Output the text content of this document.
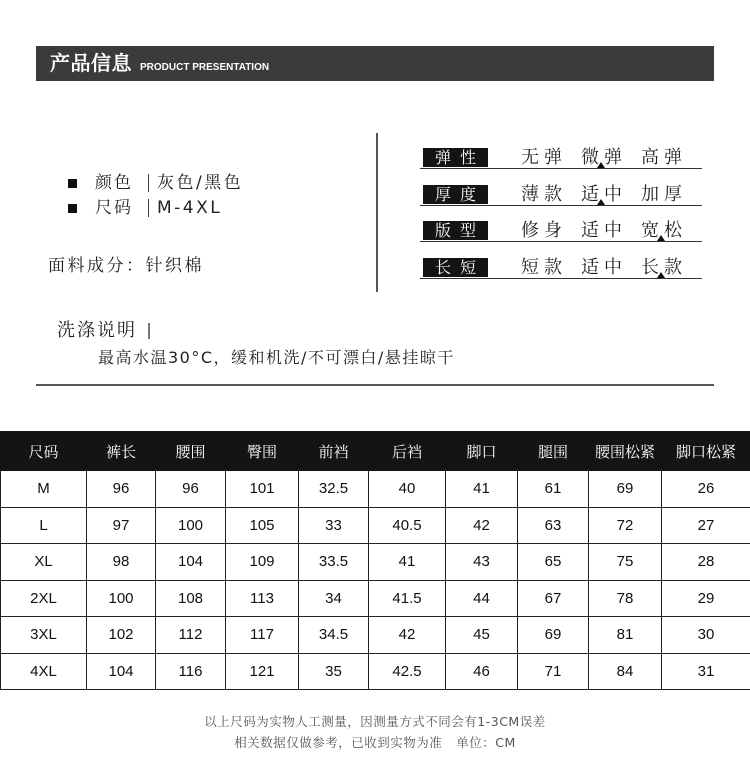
产品信息 PRODUCT PRESENTATION
颜色 灰色/黑色
尺码 M-4XL
面料成分：针织棉
弹性 无弹 微弹 高弹
厚度 薄款 适中 加厚
版型 修身 适中 宽松
长短 短款 适中 长款
洗涤说明
最高水温30°C，缓和机洗/不可漂白/悬挂晾干
尺码	裤长	腰围	臀围	前裆	后裆	脚口	腿围	腰围松紧	脚口松紧
M	96	96	101	32.5	40	41	61	69	26
L	97	100	105	33	40.5	42	63	72	27
XL	98	104	109	33.5	41	43	65	75	28
2XL	100	108	113	34	41.5	44	67	78	29
3XL	102	112	117	34.5	42	45	69	81	30
4XL	104	116	121	35	42.5	46	71	84	31
以上尺码为实物人工测量，因测量方式不同会有1-3CM误差
相关数据仅做参考，已收到实物为准 单位：CM
